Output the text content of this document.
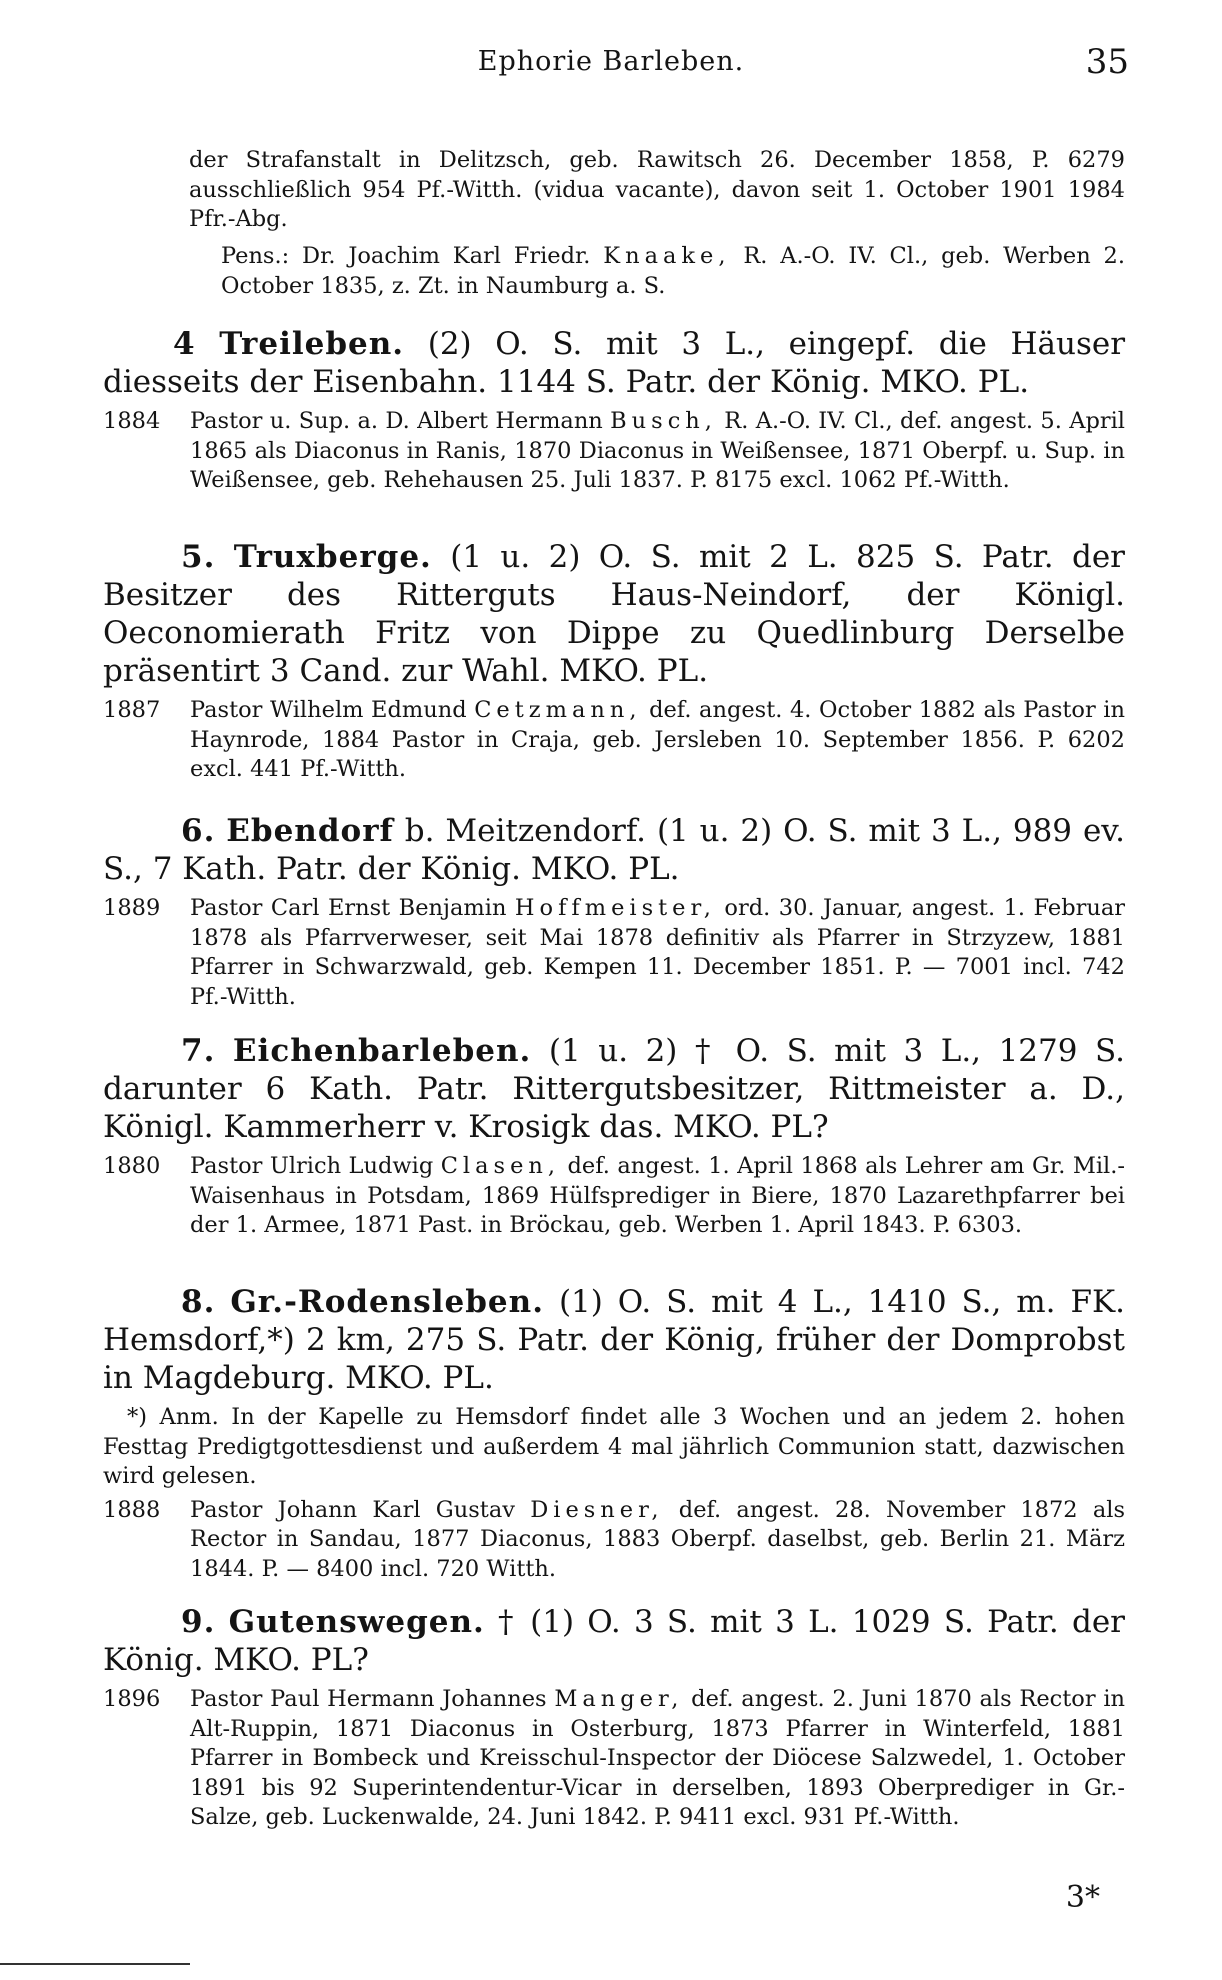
Ephorie Barleben.	35
der Strafanstalt in Delitzsch, geb. Rawitsch 26. December 1858, P. 6279 ausschließlich 954 Pf.-Witth. (vidua vacante), davon seit 1. October 1901 1984 Pfr.-Abg.
Pens.: Dr. Joachim Karl Friedr. Knaake, R. A.-O. IV. Cl., geb. Werben 2. October 1835, z. Zt. in Naumburg a. S.
4 Treileben. (2) O. S. mit 3 L., eingepf. die Häuser diesseits der Eisenbahn. 1144 S. Patr. der König. MKO. PL.
1884	Pastor u. Sup. a. D. Albert Hermann Busch, R. A.-O. IV. Cl., def. angest. 5. April 1865 als Diaconus in Ranis, 1870 Diaconus in Weißensee, 1871 Oberpf. u. Sup. in Weißensee, geb. Rehehausen 25. Juli 1837. P. 8175 excl. 1062 Pf.-Witth.
5. Truxberge. (1 u. 2) O. S. mit 2 L. 825 S. Patr. der Besitzer des Ritterguts Haus-Neindorf, der Königl. Oeconomierath Fritz von Dippe zu Quedlinburg Derselbe präsentirt 3 Cand. zur Wahl. MKO. PL.
1887	Pastor Wilhelm Edmund Cetzmann, def. angest. 4. October 1882 als Pastor in Haynrode, 1884 Pastor in Craja, geb. Jersleben 10. September 1856. P. 6202 excl. 441 Pf.-Witth.
6. Ebendorf b. Meitzendorf. (1 u. 2) O. S. mit 3 L., 989 ev. S., 7 Kath. Patr. der König. MKO. PL.
1889	Pastor Carl Ernst Benjamin Hoffmeister, ord. 30. Januar, angest. 1. Februar 1878 als Pfarrverweser, seit Mai 1878 definitiv als Pfarrer in Strzyzew, 1881 Pfarrer in Schwarzwald, geb. Kempen 11. December 1851. P. — 7001 incl. 742 Pf.-Witth.
7. Eichenbarleben. (1 u. 2) † O. S. mit 3 L., 1279 S. darunter 6 Kath. Patr. Rittergutsbesitzer, Rittmeister a. D., Königl. Kammerherr v. Krosigk das. MKO. PL?
1880	Pastor Ulrich Ludwig Clasen, def. angest. 1. April 1868 als Lehrer am Gr. Mil.-Waisenhaus in Potsdam, 1869 Hülfsprediger in Biere, 1870 Lazarethpfarrer bei der 1. Armee, 1871 Past. in Bröckau, geb. Werben 1. April 1843. P. 6303.
8. Gr.-Rodensleben. (1) O. S. mit 4 L., 1410 S., m. FK. Hemsdorf,*) 2 km, 275 S. Patr. der König, früher der Domprobst in Magdeburg. MKO. PL.
*) Anm. In der Kapelle zu Hemsdorf findet alle 3 Wochen und an jedem 2. hohen Festtag Predigtgottesdienst und außerdem 4 mal jährlich Communion statt, dazwischen wird gelesen.
1888	Pastor Johann Karl Gustav Diesner, def. angest. 28. November 1872 als Rector in Sandau, 1877 Diaconus, 1883 Oberpf. daselbst, geb. Berlin 21. März 1844. P. — 8400 incl. 720 Witth.
9. Gutenswegen. † (1) O. 3 S. mit 3 L. 1029 S. Patr. der König. MKO. PL?
1896	Pastor Paul Hermann Johannes Manger, def. angest. 2. Juni 1870 als Rector in Alt-Ruppin, 1871 Diaconus in Osterburg, 1873 Pfarrer in Winterfeld, 1881 Pfarrer in Bombeck und Kreisschul-Inspector der Diöcese Salzwedel, 1. October 1891 bis 92 Superintendentur-Vicar in derselben, 1893 Oberprediger in Gr.-Salze, geb. Luckenwalde, 24. Juni 1842. P. 9411 excl. 931 Pf.-Witth.
3*
